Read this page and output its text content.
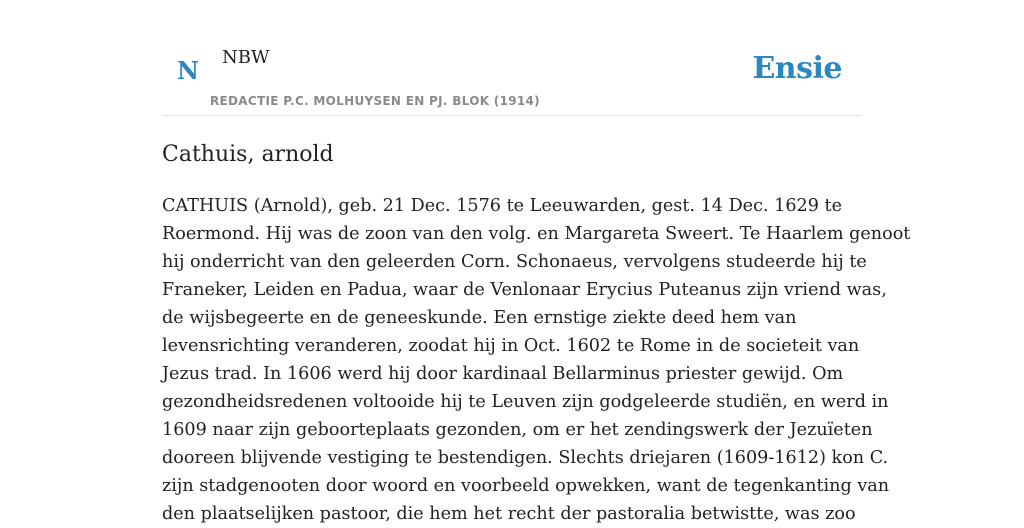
N NBW
REDACTIE P.C. MOLHUYSEN EN PJ. BLOK (1914)
Ensie
Cathuis, arnold
CATHUIS (Arnold), geb. 21 Dec. 1576 te Leeuwarden, gest. 14 Dec. 1629 te
Roermond. Hij was de zoon van den volg. en Margareta Sweert. Te Haarlem genoot
hij onderricht van den geleerden Corn. Schonaeus, vervolgens studeerde hij te
Franeker, Leiden en Padua, waar de Venlonaar Erycius Puteanus zijn vriend was,
de wijsbegeerte en de geneeskunde. Een ernstige ziekte deed hem van
levensrichting veranderen, zoodat hij in Oct. 1602 te Rome in de societeit van
Jezus trad. In 1606 werd hij door kardinaal Bellarminus priester gewijd. Om
gezondheidsredenen voltooide hij te Leuven zijn godgeleerde studiën, en werd in
1609 naar zijn geboorteplaats gezonden, om er het zendingswerk der Jezuïeten
dooreen blijvende vestiging te bestendigen. Slechts driejaren (1609-1612) kon C.
zijn stadgenooten door woord en voorbeeld opwekken, want de tegenkanting van
den plaatselijken pastoor, die hem het recht der pastoralia betwistte, was zoo
